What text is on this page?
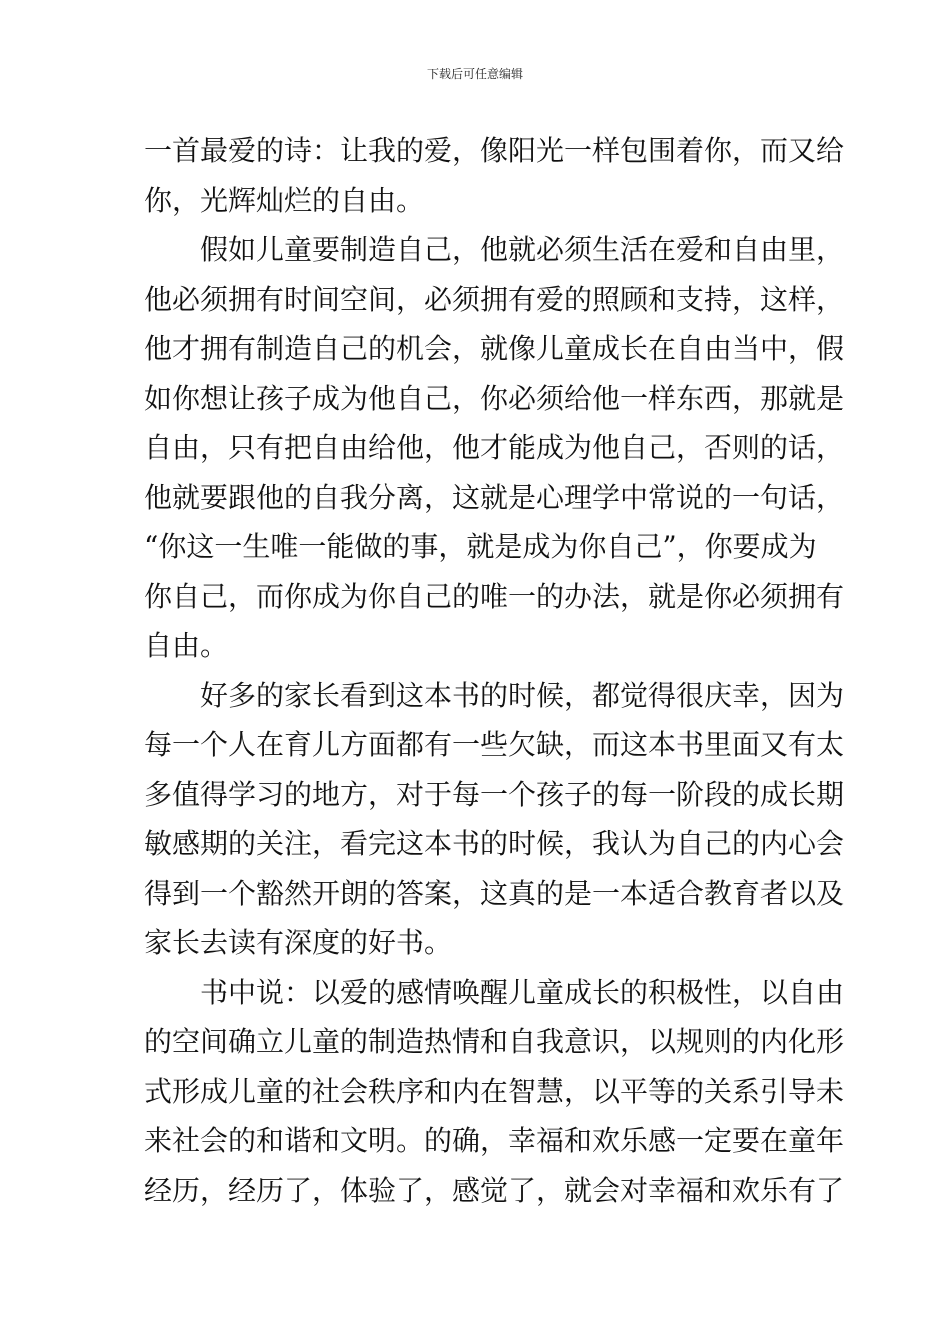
下载后可任意编辑
一首最爱的诗：让我的爱，像阳光一样包围着你，而又给
你，光辉灿烂的自由。
　　假如儿童要制造自己，他就必须生活在爱和自由里，
他必须拥有时间空间，必须拥有爱的照顾和支持，这样，
他才拥有制造自己的机会，就像儿童成长在自由当中，假
如你想让孩子成为他自己，你必须给他一样东西，那就是
自由，只有把自由给他，他才能成为他自己，否则的话，
他就要跟他的自我分离，这就是心理学中常说的一句话，
“你这一生唯一能做的事，就是成为你自己”，你要成为
你自己，而你成为你自己的唯一的办法，就是你必须拥有
自由。
　　好多的家长看到这本书的时候，都觉得很庆幸，因为
每一个人在育儿方面都有一些欠缺，而这本书里面又有太
多值得学习的地方，对于每一个孩子的每一阶段的成长期
敏感期的关注，看完这本书的时候，我认为自己的内心会
得到一个豁然开朗的答案，这真的是一本适合教育者以及
家长去读有深度的好书。
　　书中说：以爱的感情唤醒儿童成长的积极性，以自由
的空间确立儿童的制造热情和自我意识，以规则的内化形
式形成儿童的社会秩序和内在智慧，以平等的关系引导未
来社会的和谐和文明。的确，幸福和欢乐感一定要在童年
经历，经历了，体验了，感觉了，就会对幸福和欢乐有了
